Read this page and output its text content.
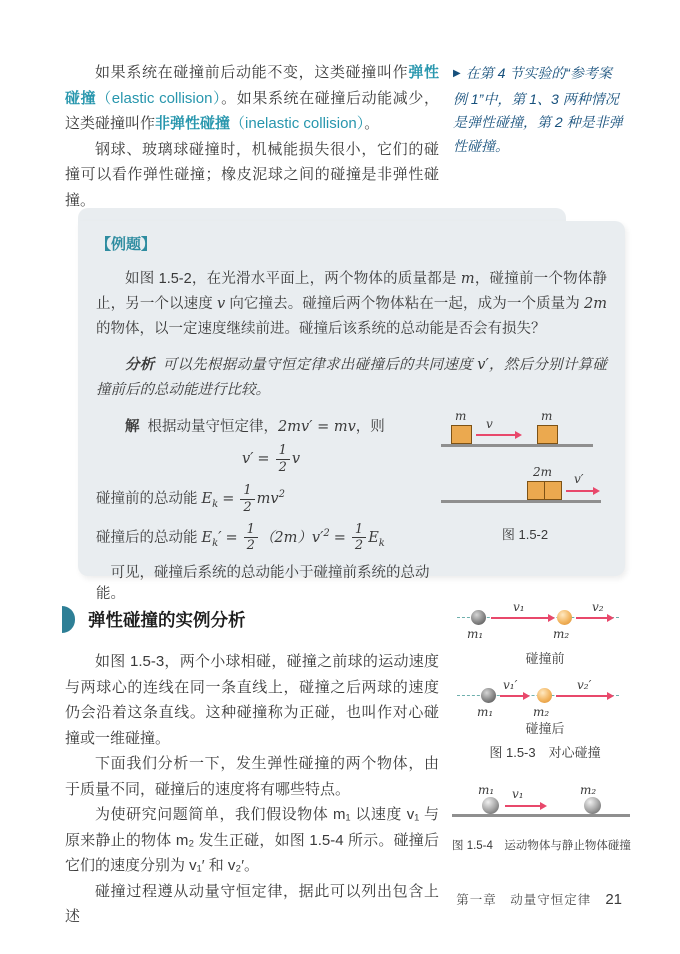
如果系统在碰撞前后动能不变，这类碰撞叫作弹性碰撞（elastic collision）。如果系统在碰撞后动能减少，这类碰撞叫作非弹性碰撞（inelastic collision）。

钢球、玻璃球碰撞时，机械能损失很小，它们的碰撞可以看作弹性碰撞；橡皮泥球之间的碰撞是非弹性碰撞。

▶ 在第 4 节实验的“参考案例 1”中，第 1、3 两种情况是弹性碰撞，第 2 种是非弹性碰撞。

【例题】

如图 1.5-2，在光滑水平面上，两个物体的质量都是 m，碰撞前一个物体静止，另一个以速度 v 向它撞去。碰撞后两个物体粘在一起，成为一个质量为 2m 的物体，以一定速度继续前进。碰撞后该系统的总动能是否会有损失？

分析 可以先根据动量守恒定律求出碰撞后的共同速度 v′，然后分别计算碰撞前后的总动能进行比较。

解 根据动量守恒定律，2mv′ = mv，则
$v' = \frac{1}{2}$ v
碰撞前的总动能 $E_k = \frac{1}{2} mv^2$
碰撞后的总动能 $E_k' = \frac{1}{2} (2m)v'^2 = \frac{1}{2} E_k$
可见，碰撞后系统的总动能小于碰撞前系统的总动能。
m	m
v
2m v′
图 1.5-2
弹性碰撞的实例分析

如图 1.5-3，两个小球相碰，碰撞之前球的运动速度与两球心的连线在同一条直线上，碰撞之后两球的速度仍会沿着这条直线。这种碰撞称为正碰，也叫作对心碰撞或一维碰撞。

下面我们分析一下，发生弹性碰撞的两个物体，由于质量不同，碰撞后的速度将有哪些特点。

为使研究问题简单，我们假设物体 m₁ 以速度 v₁ 与原来静止的物体 m₂ 发生正碰，如图 1.5-4 所示。碰撞后它们的速度分别为 v₁′ 和 v₂′。

碰撞过程遵从动量守恒定律，据此可以列出包含上述

m₁
v₁
m₂
v₂
碰撞前
m₁
v₁′
m₂
v₂′
碰撞后
图 1.5-3　对心碰撞
m₁	m₂
v₁
图 1.5-4　运动物体与静止物体碰撞
第一章　动量守恒定律 21
